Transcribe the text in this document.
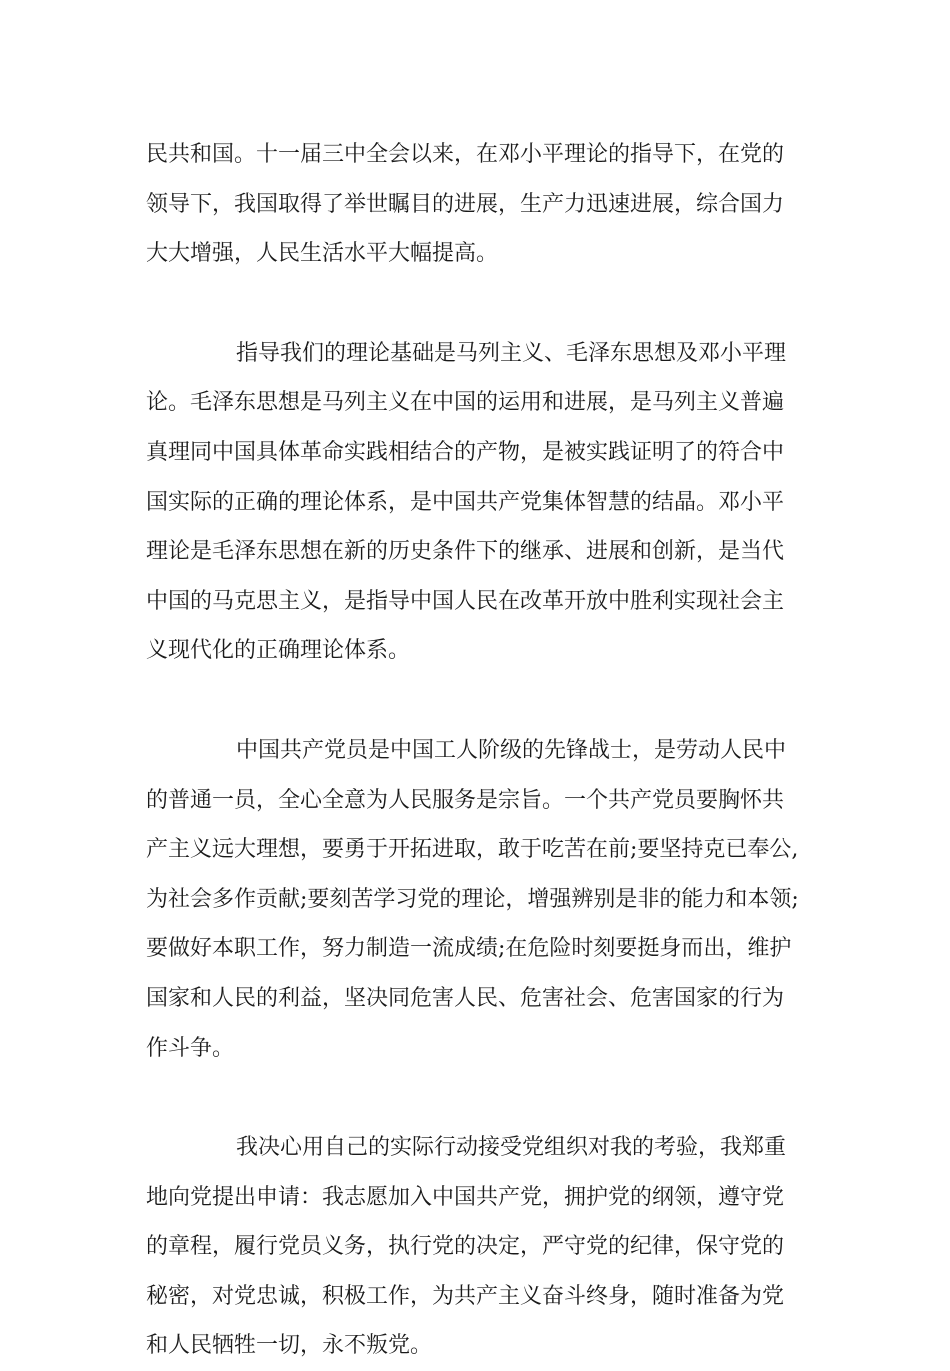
民共和国。十一届三中全会以来，在邓小平理论的指导下，在党的
领导下，我国取得了举世瞩目的进展，生产力迅速进展，综合国力
大大增强，人民生活水平大幅提高。
指导我们的理论基础是马列主义、毛泽东思想及邓小平理
论。毛泽东思想是马列主义在中国的运用和进展，是马列主义普遍
真理同中国具体革命实践相结合的产物，是被实践证明了的符合中
国实际的正确的理论体系，是中国共产党集体智慧的结晶。邓小平
理论是毛泽东思想在新的历史条件下的继承、进展和创新，是当代
中国的马克思主义，是指导中国人民在改革开放中胜利实现社会主
义现代化的正确理论体系。
中国共产党员是中国工人阶级的先锋战士，是劳动人民中
的普通一员，全心全意为人民服务是宗旨。一个共产党员要胸怀共
产主义远大理想，要勇于开拓进取，敢于吃苦在前;要坚持克已奉公,
为社会多作贡献;要刻苦学习党的理论，增强辨别是非的能力和本领;
要做好本职工作，努力制造一流成绩;在危险时刻要挺身而出，维护
国家和人民的利益，坚决同危害人民、危害社会、危害国家的行为
作斗争。
我决心用自己的实际行动接受党组织对我的考验，我郑重
地向党提出申请：我志愿加入中国共产党，拥护党的纲领，遵守党
的章程，履行党员义务，执行党的决定，严守党的纪律，保守党的
秘密，对党忠诚，积极工作，为共产主义奋斗终身，随时准备为党
和人民牺牲一切，永不叛党。
